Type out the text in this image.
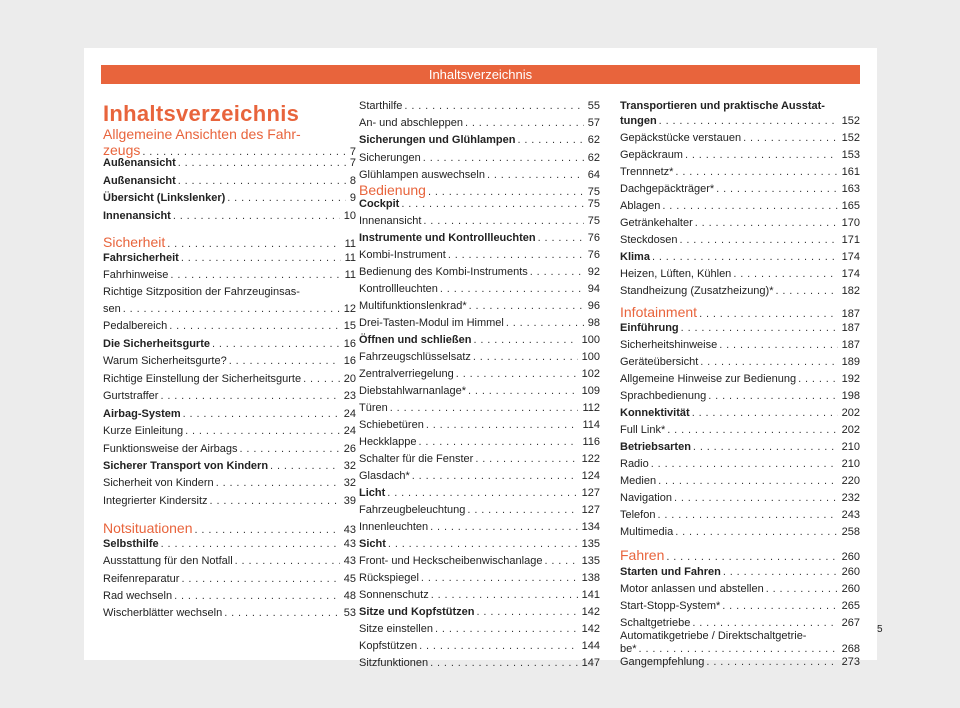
Inhaltsverzeichnis
Inhaltsverzeichnis
Allgemeine Ansichten des Fahr-
zeugs . . .	7
Außenansicht . . .	7
Außenansicht . . .	8
Übersicht (Linkslenker) . . .	9
Innenansicht . . .	10
Sicherheit . . .	11
Fahrsicherheit . . .	11
Fahrhinweise . . .	11
Richtige Sitzposition der Fahrzeuginsas-
sen . . .	12
Pedalbereich . . .	15
Die Sicherheitsgurte . . .	16
Warum Sicherheitsgurte? . . .	16
Richtige Einstellung der Sicherheitsgurte . . .	20
Gurtstraffer . . .	23
Airbag-System . . .	24
Kurze Einleitung . . .	24
Funktionsweise der Airbags . . .	26
Sicherer Transport von Kindern . . .	32
Sicherheit von Kindern . . .	32
Integrierter Kindersitz . . .	39
Notsituationen . . .	43
Selbsthilfe . . .	43
Ausstattung für den Notfall . . .	43
Reifenreparatur . . .	45
Rad wechseln . . .	48
Wischerblätter wechseln . . .	53
Starthilfe . . .	55
An- und abschleppen . . .	57
Sicherungen und Glühlampen . . .	62
Sicherungen . . .	62
Glühlampen auswechseln . . .	64
Bedienung . . .	75
Cockpit . . .	75
Innenansicht . . .	75
Instrumente und Kontrollleuchten . . .	76
Kombi-Instrument . . .	76
Bedienung des Kombi-Instruments . . .	92
Kontrollleuchten . . .	94
Multifunktionslenkrad* . . .	96
Drei-Tasten-Modul im Himmel . . .	98
Öffnen und schließen . . .	100
Fahrzeugschlüsselsatz . . .	100
Zentralverriegelung . . .	102
Diebstahlwarnanlage* . . .	109
Türen . . .	112
Schiebetüren . . .	114
Heckklappe . . .	116
Schalter für die Fenster . . .	122
Glasdach* . . .	124
Licht . . .	127
Fahrzeugbeleuchtung . . .	127
Innenleuchten . . .	134
Sicht . . .	135
Front- und Heckscheibenwischanlage . . .	135
Rückspiegel . . .	138
Sonnenschutz . . .	141
Sitze und Kopfstützen . . .	142
Sitze einstellen . . .	142
Kopfstützen . . .	144
Sitzfunktionen . . .	147
Transportieren und praktische Ausstat-
tungen . . .	152
Gepäckstücke verstauen . . .	152
Gepäckraum . . .	153
Trennnetz* . . .	161
Dachgepäckträger* . . .	163
Ablagen . . .	165
Getränkehalter . . .	170
Steckdosen . . .	171
Klima . . .	174
Heizen, Lüften, Kühlen . . .	174
Standheizung (Zusatzheizung)* . . .	182
Infotainment . . .	187
Einführung . . .	187
Sicherheitshinweise . . .	187
Geräteübersicht . . .	189
Allgemeine Hinweise zur Bedienung . . .	192
Sprachbedienung . . .	198
Konnektivität . . .	202
Full Link* . . .	202
Betriebsarten . . .	210
Radio . . .	210
Medien . . .	220
Navigation . . .	232
Telefon . . .	243
Multimedia . . .	258
Fahren . . .	260
Starten und Fahren . . .	260
Motor anlassen und abstellen . . .	260
Start-Stopp-System* . . .	265
Schaltgetriebe . . .	267
Automatikgetriebe / Direktschaltgetrie-
be* . . .	268
Gangempfehlung . . .	273
5
